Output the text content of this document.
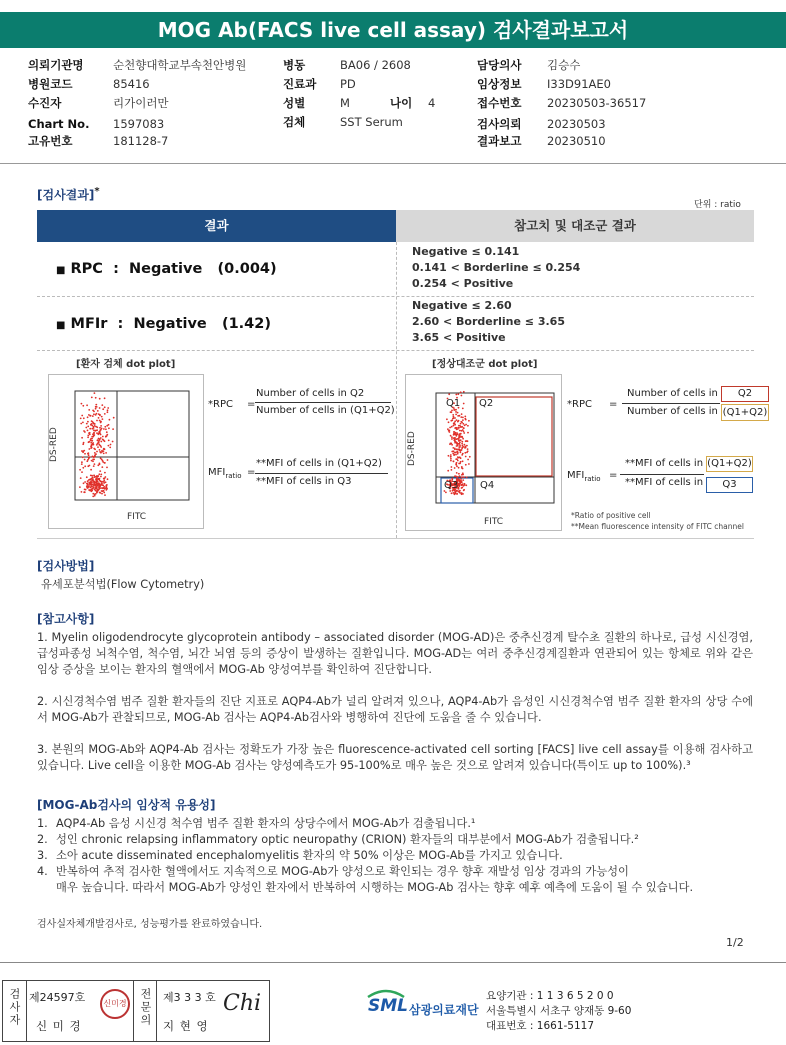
MOG Ab(FACS live cell assay) 검사결과보고서
의뢰기관명	순천향대학교부속천안병원
병원코드	85416
수진자	리가이러만
Chart No. 1597083
고유번호	181128-7
병동	BA06 / 2608
진료과 PD
성별	M	나이 4
검체	SST Serum
담당의사 김승수
임상정보 I33D91AE0
접수번호 20230503-36517
검사의뢰 20230503
결과보고 20230510
[검사결과]*
단위 : ratio
결과	참고치 및 대조군 결과
■ RPC  :  Negative (0.004)
Negative ≤ 0.141
0.141 < Borderline ≤ 0.254
0.254 < Positive
■ MFIr  :  Negative (1.42)
Negative ≤ 2.60
2.60 < Borderline ≤ 3.65
3.65 < Positive
[환자 검체 dot plot]
DS-RED
FITC
*RPC =
Number of cells in Q2
Number of cells in (Q1+Q2)
$MFI_{ratio}$ =
**MFI of cells in (Q1+Q2)
**MFI of cells in Q3
[정상대조군 dot plot]
Q1 Q2
Q3 Q4
DS-RED
FITC
*RPC =
Number of cells in	Q2
Number of cells in (Q1+Q2)
$MFI_{ratio}$ =
**MFI of cells in (Q1+Q2)
**MFI of cells in	Q3
*Ratio of positive cell
**Mean fluorescence intensity of FITC channel
[검사방법]
유세포분석법(Flow Cytometry)
[참고사항]
1. Myelin oligodendrocyte glycoprotein antibody – associated disorder (MOG-AD)은 중추신경계 탈수초 질환의 하나로, 급성 시신경염,급성파종성 뇌척수염, 척수염, 뇌간 뇌염 등의 증상이 발생하는 질환입니다. MOG-AD는 여러 중추신경계질환과 연관되어 있는 항체로 위와 같은 임상 증상을 보이는 환자의 혈액에서 MOG-Ab 양성여부를 확인하여 진단합니다.
2. 시신경척수염 범주 질환 환자들의 진단 지표로 AQP4-Ab가 널리 알려져 있으나, AQP4-Ab가 음성인 시신경척수염 범주 질환 환자의 상당 수에서 MOG-Ab가 관찰되므로, MOG-Ab 검사는 AQP4-Ab검사와 병행하여 진단에 도움을 줄 수 있습니다.
3. 본원의 MOG-Ab와 AQP4-Ab 검사는 정확도가 가장 높은 fluorescence-activated cell sorting [FACS] live cell assay를 이용해 검사하고 있습니다. Live cell을 이용한 MOG-Ab 검사는 양성예측도가 95-100%로 매우 높은 것으로 알려져 있습니다(특이도 up to 100%).³
[MOG-Ab검사의 임상적 유용성]
1. AQP4-Ab 음성 시신경 척수염 범주 질환 환자의 상당수에서 MOG-Ab가 검출됩니다.¹
2. 성인 chronic relapsing inflammatory optic neuropathy (CRION) 환자들의 대부분에서 MOG-Ab가 검출됩니다.²
3. 소아 acute disseminated encephalomyelitis 환자의 약 50% 이상은 MOG-Ab를 가지고 있습니다.
4. 반복하여 추적 검사한 혈액에서도 지속적으로 MOG-Ab가 양성으로 확인되는 경우 향후 재발성 임상 경과의 가능성이
매우 높습니다. 따라서 MOG-Ab가 양성인 환자에서 반복하여 시행하는 MOG-Ab 검사는 향후 예후 예측에 도움이 될 수 있습니다.
검사실자체개발검사로, 성능평가를 완료하였습니다.
1/2
검사자 제24597호
신 미 경
신미경	전문의	제3 3 3 호
지 현 영
Chi	SML 삼광의료재단
요양기관 : 1 1 3 6 5 2 0 0
서울특별시 서초구 양재동 9-60
대표번호 : 1661-5117
